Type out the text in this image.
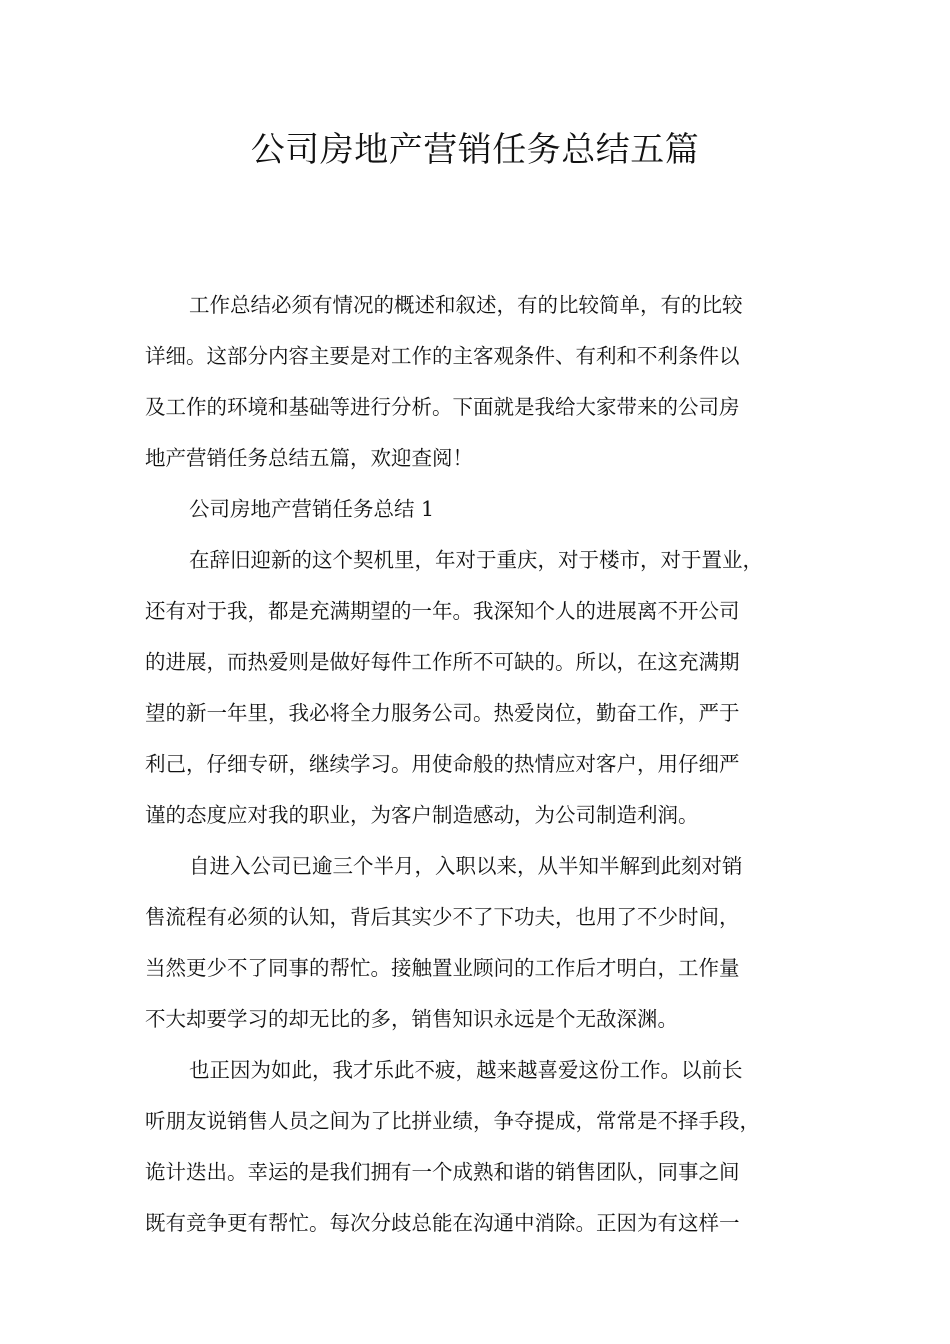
公司房地产营销任务总结五篇

工作总结必须有情况的概述和叙述，有的比较简单，有的比较
详细。这部分内容主要是对工作的主客观条件、有利和不利条件以
及工作的环境和基础等进行分析。下面就是我给大家带来的公司房
地产营销任务总结五篇，欢迎查阅！

公司房地产营销任务总结 1

在辞旧迎新的这个契机里，年对于重庆，对于楼市，对于置业，
还有对于我，都是充满期望的一年。我深知个人的进展离不开公司
的进展，而热爱则是做好每件工作所不可缺的。所以，在这充满期
望的新一年里，我必将全力服务公司。热爱岗位，勤奋工作，严于
利己，仔细专研，继续学习。用使命般的热情应对客户，用仔细严
谨的态度应对我的职业，为客户制造感动，为公司制造利润。

自进入公司已逾三个半月，入职以来，从半知半解到此刻对销
售流程有必须的认知，背后其实少不了下功夫，也用了不少时间，
当然更少不了同事的帮忙。接触置业顾问的工作后才明白，工作量
不大却要学习的却无比的多，销售知识永远是个无敌深渊。

也正因为如此，我才乐此不疲，越来越喜爱这份工作。以前长
听朋友说销售人员之间为了比拼业绩，争夺提成，常常是不择手段，
诡计迭出。幸运的是我们拥有一个成熟和谐的销售团队，同事之间
既有竞争更有帮忙。每次分歧总能在沟通中消除。正因为有这样一
